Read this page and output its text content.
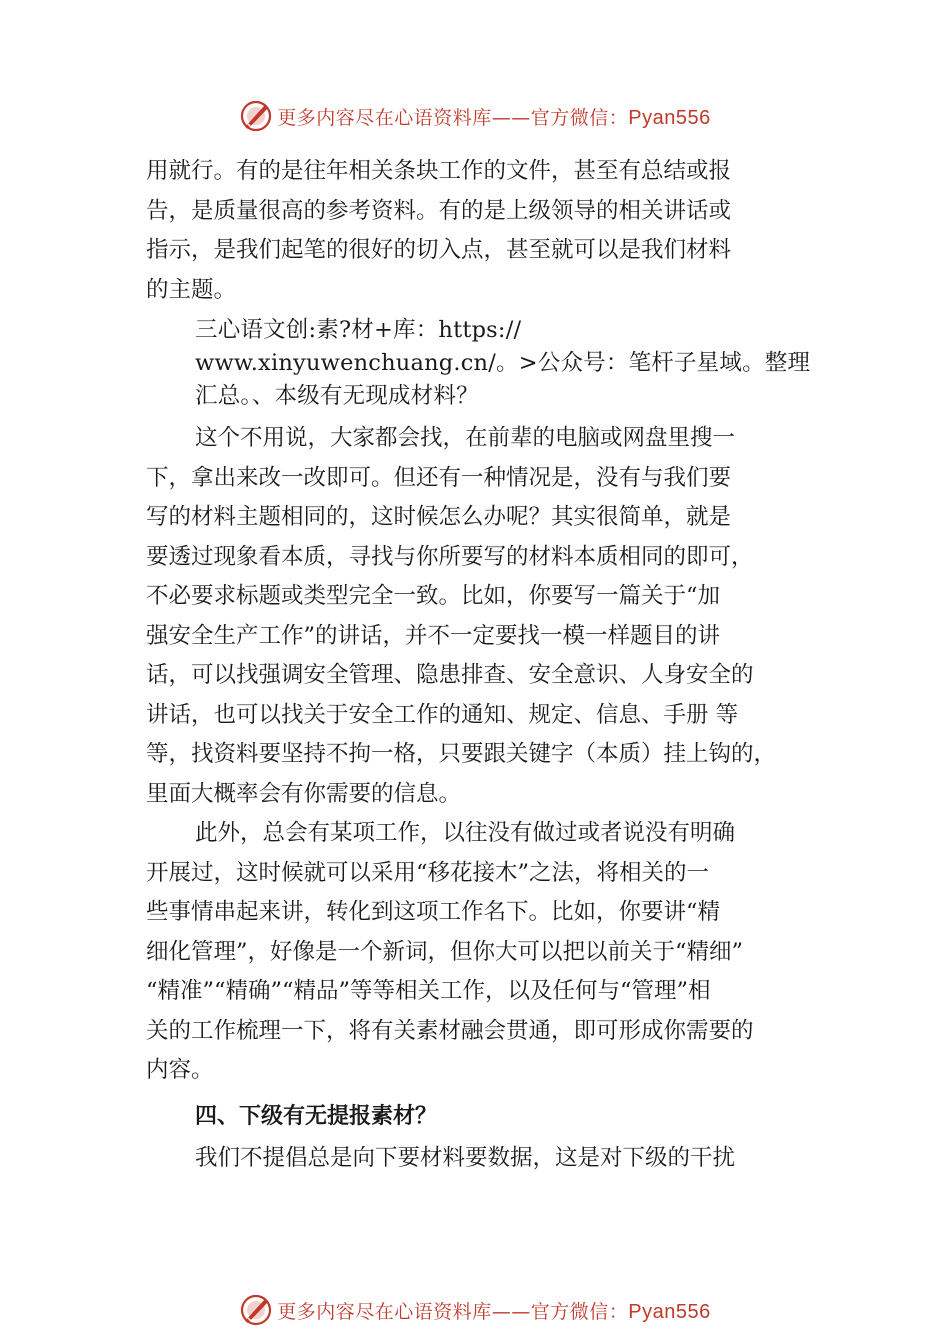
更多内容尽在心语资料库——官方微信：Pyan556
用就行。有的是往年相关条块工作的文件，甚至有总结或报
告，是质量很高的参考资料。有的是上级领导的相关讲话或
指示，是我们起笔的很好的切入点，甚至就可以是我们材料
的主题。
三心语文创:素?材+库：https://
www.xinyuwenchuang.cn/。>公众号：笔杆子星域。整理
汇总。、本级有无现成材料？
这个不用说，大家都会找，在前辈的电脑或网盘里搜一
下，拿出来改一改即可。但还有一种情况是，没有与我们要
写的材料主题相同的，这时候怎么办呢？其实很简单，就是
要透过现象看本质，寻找与你所要写的材料本质相同的即可，
不必要求标题或类型完全一致。比如，你要写一篇关于“加
强安全生产工作”的讲话，并不一定要找一模一样题目的讲
话，可以找强调安全管理、隐患排查、安全意识、人身安全的
讲话，也可以找关于安全工作的通知、规定、信息、手册 等
等，找资料要坚持不拘一格，只要跟关键字（本质）挂上钩的，
里面大概率会有你需要的信息。
此外，总会有某项工作，以往没有做过或者说没有明确
开展过，这时候就可以采用“移花接木”之法，将相关的一
些事情串起来讲，转化到这项工作名下。比如，你要讲“精
细化管理”，好像是一个新词，但你大可以把以前关于“精细”
“精准”“精确”“精品”等等相关工作，以及任何与“管理”相
关的工作梳理一下，将有关素材融会贯通，即可形成你需要的
内容。
四、下级有无提报素材？
我们不提倡总是向下要材料要数据，这是对下级的干扰
更多内容尽在心语资料库——官方微信：Pyan556
